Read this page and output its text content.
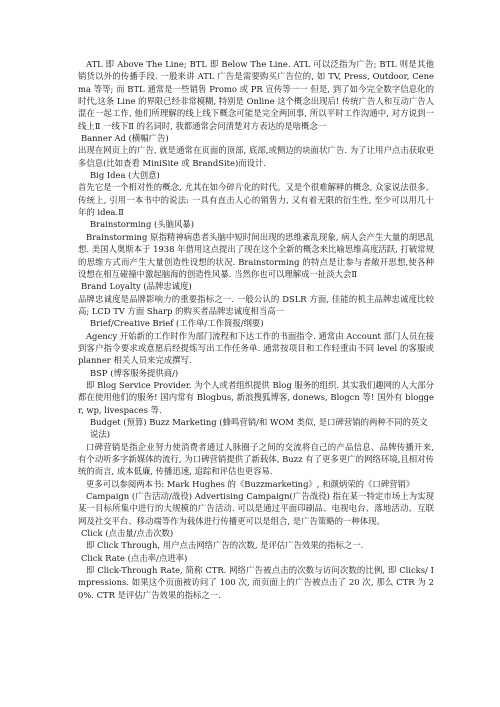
ATL 即 Above The Line; BTL 即 Below The Line. ATL 可以泛指为广告; BTL 则是其他销货以外的传播手段. 一般来讲 ATL 广告是需要购买广告位的, 如 TV, Press, Outdoor, Cenema 等等; 而 BTL 通常是一些销售 Promo 或 PR 宣传等一一 但是, 到了如今完全数字信息化的时代,这条 Line 的界限已经非常模糊, 特别是 Online 这个概念出现后! 传统广告人和互动广告人混在一起工作, 他们所理解的线上线下概念可能是完全两回事, 所以平时工作沟通中, 对方说到一线上Ⅱ 一线下Ⅱ 的名词时, 我都通常会问清楚对方表达的是啥概念一

Banner Ad (横幅广告)

出现在网页上的广告, 就是通常在页面的顶部, 底部,或侧边的块面状广告. 为了让用户点击获取更多信息(比如查看 MiniSite 或 BrandSite)而设计.

Big Idea (大创意)

首先它是一个相对性的概念, 尤其在如今碎片化的时代。又是个很难解释的概念, 众家说法很多。传统上, 引用一本书中的说法: 一具有直击人心的销售力, 又有着无限的衍生性, 至少可以用几十年的 idea.Ⅱ

Brainstorming (头脑风暴)

Brainstorming 原指精神病患者头脑中短时间出现的思维紊乱现象, 病人会产生大量的胡思乱想. 美国人奥斯本于 1938 年借用这点提出了现在这个全新的概念来比喻思维高度活跃, 打破常规的思维方式而产生大量创造性设想的状况. Brainstorming 的特点是让参与者敞开思想,使各种设想在相互碰撞中激起脑海的创造性风暴. 当然你也可以理解成一扯淡大会Ⅱ

Brand Loyalty (品牌忠诚度)

品牌忠诚度是品牌影响力的重要指标之一. 一般公认的 DSLR 方面, 佳能的机主品牌忠诚度比较高; LCD TV 方面 Sharp 的购买者品牌忠诚度相当高一

Brief/Creative Brief (工作单/工作简报/纲要)

Agency 开始新的工作时作为部门流程和下达工作的书面指令. 通常由 Account 部门人员在接到客户指令要求或意愿后经提炼写出工作任务单. 通常按项目和工作轻重由不同 level 的客服或 planner 相关人员来完成撰写.

BSP (博客服务提供商/)

即 Blog Service Provider. 为个人或者组织提供 Blog 服务的组织. 其实我们趣网的人大部分都在使用他们的服务! 国内常有 Blogbus, 新浪搜狐博客, donews, Blogcn 等! 国外有 blogger, wp, livespaces 等.

Budget (预算) Buzz Marketing (蜂鸣营销/和 WOM 类似, 是口碑营销的两种不同的英文说法)

口碑营销是指企业努力使消费者通过人脉圈子之间的交流将自己的产品信息、品牌传播开来, 有个动听多字新媒体的流行, 为口碑营销提供了新载体, Buzz 有了更多更广的网络环境,且相对传统的而言, 成本低廉, 传播迅速, 追踪和评估也更容易.

更多可以参阅两本书: Mark Hughes 的《Buzzmarketing》, 和颜炳荣的《口碑营销》

Campaign (广告活动/战役) Advertising Campaign(广告战役) 指在某一特定市场上为实现某一目标所集中进行的大规模的广告活动. 可以是通过平面印刷品、电视电台、落地活动、互联网及社交平台、移动端等作为载体进行传播更可以是组合, 是广告策略的一种体现。

Click (点击量/点击次数)

即 Click Through, 用户点击网络广告的次数, 是评估广告效果的指标之一.

Click Rate (点击率/点进率)

即 Click-Through Rate, 简称 CTR. 网络广告被点击的次数与访问次数的比例, 即 Clicks/ Impressions. 如果这个页面被访问了 100 次, 而页面上的广告被点击了 20 次, 那么 CTR 为 20%. CTR 是评估广告效果的指标之一.
